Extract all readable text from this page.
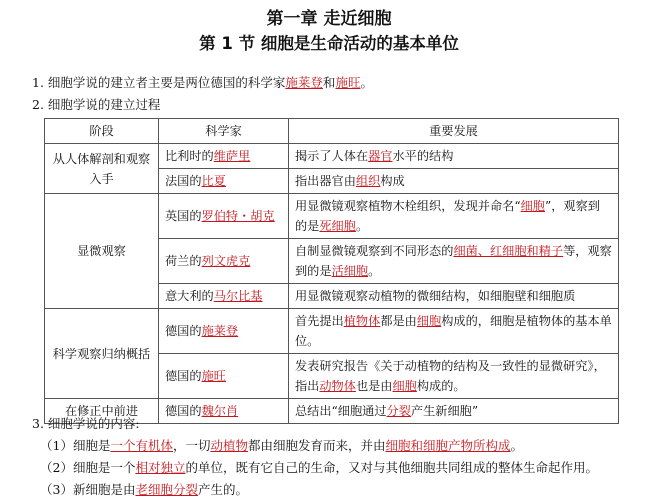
第一章 走近细胞
第 1 节 细胞是生命活动的基本单位
1. 细胞学说的建立者主要是两位德国的科学家施莱登和施旺。
2. 细胞学说的建立过程
阶段	科学家	重要发展
从人体解剖和观察入手	比利时的维萨里	揭示了人体在器官水平的结构
	法国的比夏	指出器官由组织构成
显微观察	英国的罗伯特・胡克	用显微镜观察植物木栓组织，发现并命名“细胞”，观察到的是死细胞。
	荷兰的列文虎克	自制显微镜观察到不同形态的细菌、红细胞和精子等，观察到的是活细胞。
	意大利的马尔比基	用显微镜观察动植物的微细结构，如细胞壁和细胞质
科学观察归纳概括	德国的施莱登	首先提出植物体都是由细胞构成的，细胞是植物体的基本单位。
	德国的施旺	发表研究报告《关于动植物的结构及一致性的显微研究》，指出动物体也是由细胞构成的。
在修正中前进	德国的魏尔肖	总结出“细胞通过分裂产生新细胞”
3. 细胞学说的内容:
（1）细胞是一个有机体，一切动植物都由细胞发育而来，并由细胞和细胞产物所构成。
（2）细胞是一个相对独立的单位，既有它自己的生命，又对与其他细胞共同组成的整体生命起作用。
（3）新细胞是由老细胞分裂产生的。
